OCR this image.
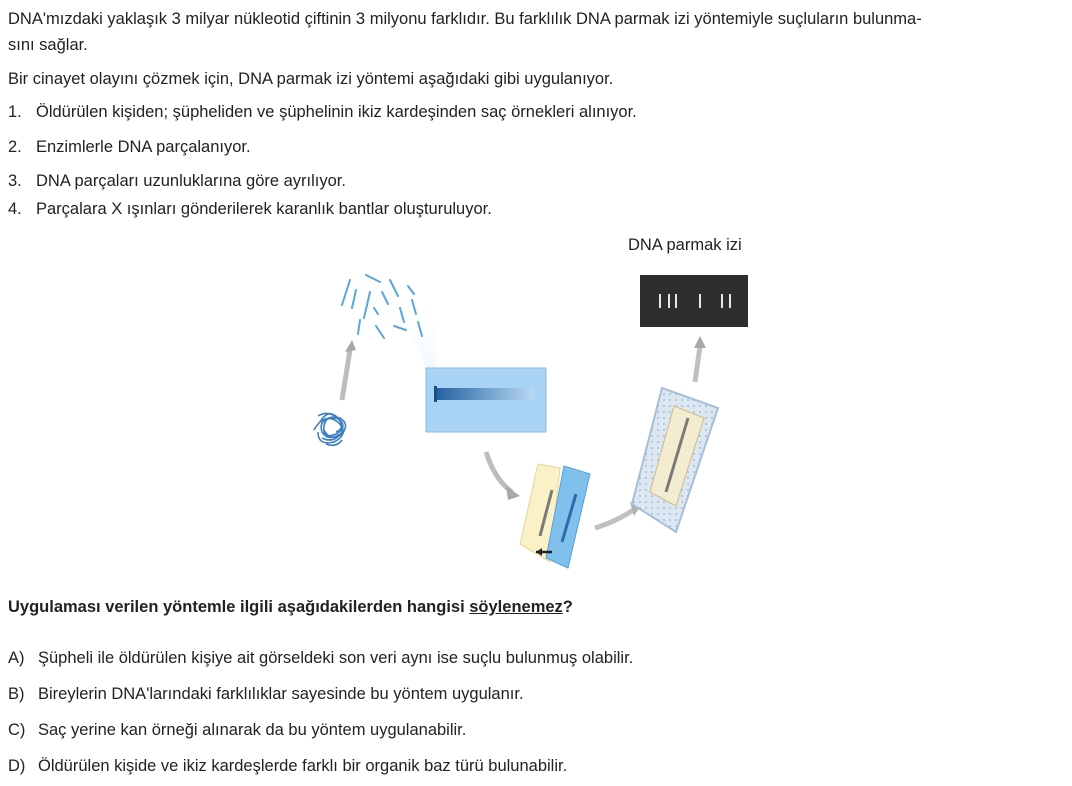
DNA'mızdaki yaklaşık 3 milyar nükleotid çiftinin 3 milyonu farklıdır. Bu farklılık DNA parmak izi yöntemiyle suçluların bulunma-
sını sağlar.
Bir cinayet olayını çözmek için, DNA parmak izi yöntemi aşağıdaki gibi uygulanıyor.
1. Öldürülen kişiden; şüpheliden ve şüphelinin ikiz kardeşinden saç örnekleri alınıyor.
2. Enzimlerle DNA parçalanıyor.
3. DNA parçaları uzunluklarına göre ayrılıyor.
4. Parçalara X ışınları gönderilerek karanlık bantlar oluşturuluyor.
DNA parmak izi
Uygulaması verilen yöntemle ilgili aşağıdakilerden hangisi söylenemez?
A) Şüpheli ile öldürülen kişiye ait görseldeki son veri aynı ise suçlu bulunmuş olabilir.
B) Bireylerin DNA'larındaki farklılıklar sayesinde bu yöntem uygulanır.
C) Saç yerine kan örneği alınarak da bu yöntem uygulanabilir.
D) Öldürülen kişide ve ikiz kardeşlerde farklı bir organik baz türü bulunabilir.
